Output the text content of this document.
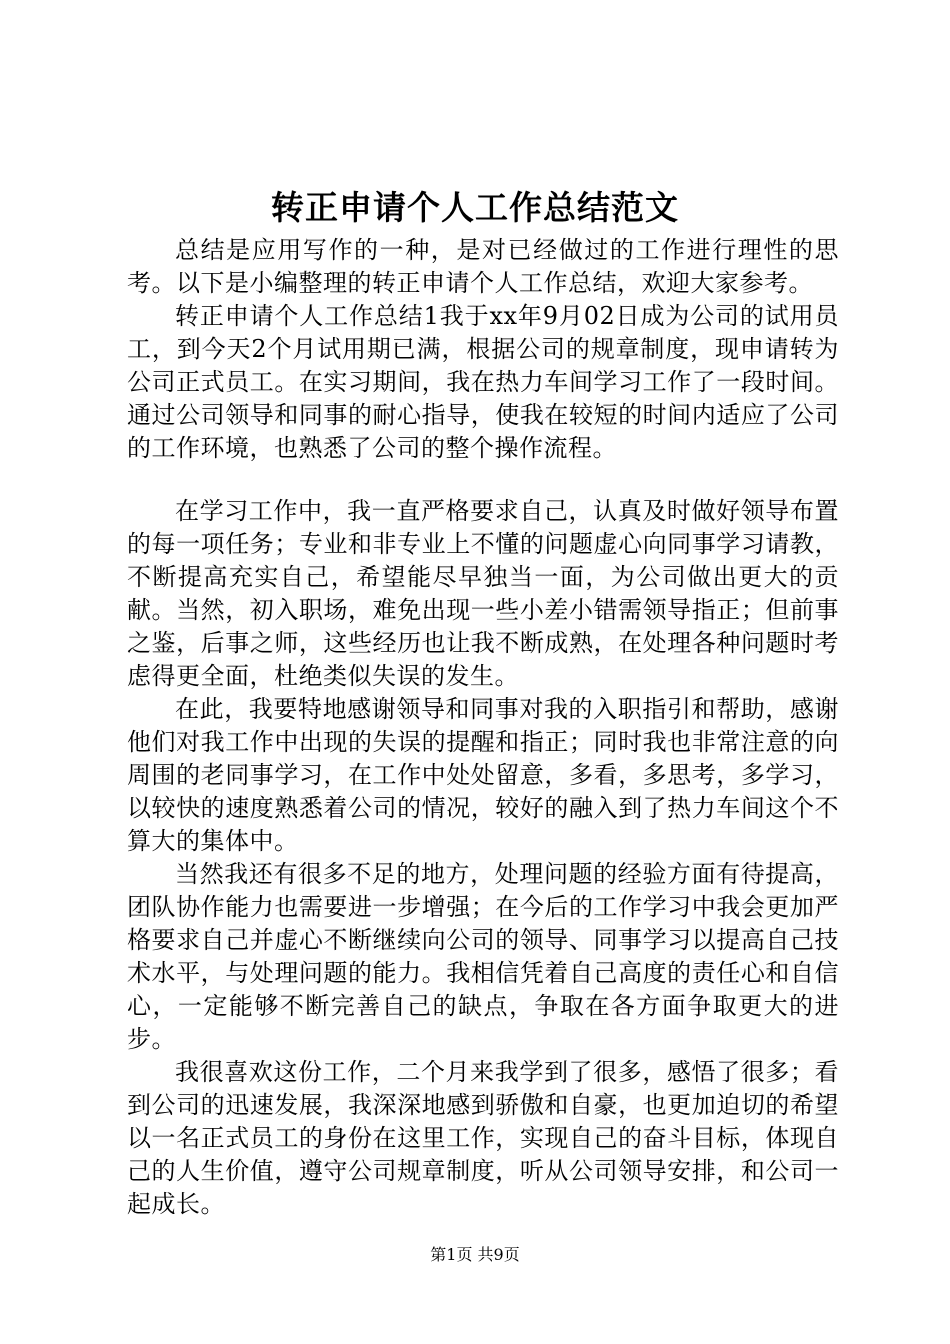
转正申请个人工作总结范文

总结是应用写作的一种，是对已经做过的工作进行理性的思考。以下是小编整理的转正申请个人工作总结，欢迎大家参考。

转正申请个人工作总结1我于xx年9月02日成为公司的试用员工，到今天2个月试用期已满，根据公司的规章制度，现申请转为公司正式员工。在实习期间，我在热力车间学习工作了一段时间。通过公司领导和同事的耐心指导，使我在较短的时间内适应了公司的工作环境，也熟悉了公司的整个操作流程。

在学习工作中，我一直严格要求自己，认真及时做好领导布置的每一项任务；专业和非专业上不懂的问题虚心向同事学习请教，不断提高充实自己，希望能尽早独当一面，为公司做出更大的贡献。当然，初入职场，难免出现一些小差小错需领导指正；但前事之鉴，后事之师，这些经历也让我不断成熟，在处理各种问题时考虑得更全面，杜绝类似失误的发生。

在此，我要特地感谢领导和同事对我的入职指引和帮助，感谢他们对我工作中出现的失误的提醒和指正；同时我也非常注意的向周围的老同事学习，在工作中处处留意，多看，多思考，多学习，以较快的速度熟悉着公司的情况，较好的融入到了热力车间这个不算大的集体中。

当然我还有很多不足的地方，处理问题的经验方面有待提高，团队协作能力也需要进一步增强；在今后的工作学习中我会更加严格要求自己并虚心不断继续向公司的领导、同事学习以提高自己技术水平，与处理问题的能力。我相信凭着自己高度的责任心和自信心，一定能够不断完善自己的缺点，争取在各方面争取更大的进步。

我很喜欢这份工作，二个月来我学到了很多，感悟了很多；看到公司的迅速发展，我深深地感到骄傲和自豪，也更加迫切的希望以一名正式员工的身份在这里工作，实现自己的奋斗目标，体现自己的人生价值，遵守公司规章制度，听从公司领导安排，和公司一起成长。

第1页 共9页
